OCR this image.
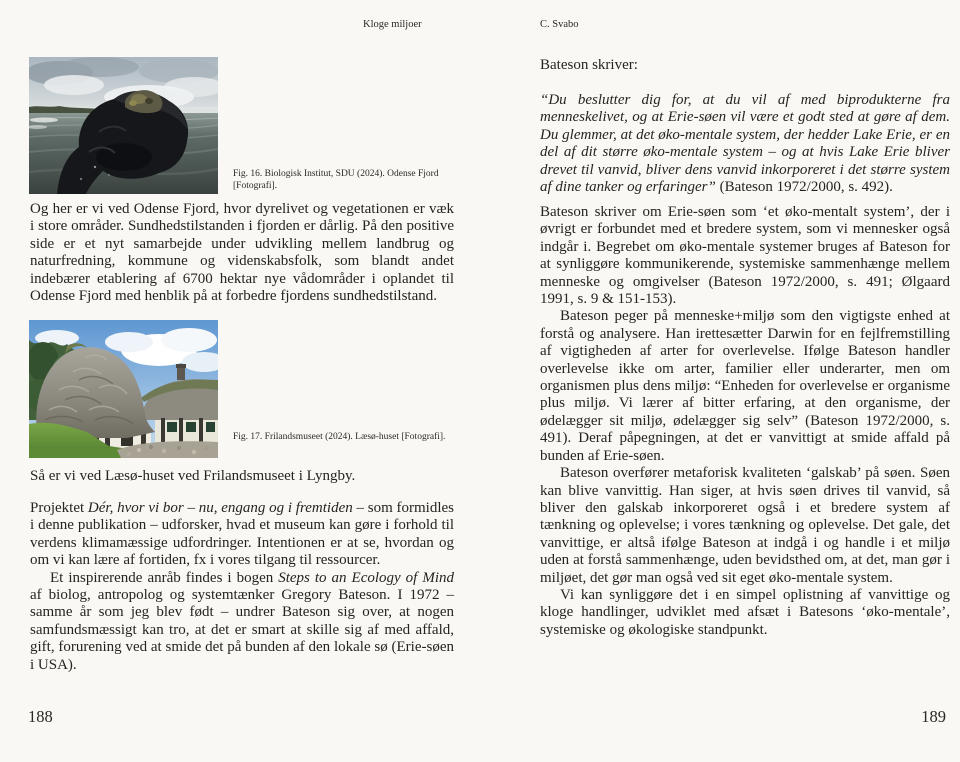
Kloge miljoer	C. Svabo
Fig. 16. Biologisk Institut, SDU (2024). Odense Fjord [Fotografi].

Og her er vi ved Odense Fjord, hvor dyrelivet og vegetationen er væk i store områder. Sundhedstilstanden i fjorden er dårlig. På den positive side er et nyt samarbejde under udvikling mellem landbrug og naturfredning, kommune og videnskabsfolk, som blandt andet indebærer etablering af 6700 hektar nye vådområder i oplandet til Odense Fjord med henblik på at forbedre fjordens sundhedstilstand.

Fig. 17. Frilandsmuseet (2024). Læsø-huset [Fotografi].

Så er vi ved Læsø-huset ved Frilandsmuseet i Lyngby.

Projektet Dér, hvor vi bor – nu, engang og i fremtiden – som formidles i denne publikation – udforsker, hvad et museum kan gøre i forhold til verdens klimamæssige udfordringer. Intentionen er at se, hvordan og om vi kan lære af fortiden, fx i vores tilgang til ressourcer.

Et inspirerende anråb findes i bogen Steps to an Ecology of Mind af biolog, antropolog og systemtænker Gregory Bateson. I 1972 – samme år som jeg blev født – undrer Bateson sig over, at nogen samfundsmæssigt kan tro, at det er smart at skille sig af med affald, gift, forurening ved at smide det på bunden af den lokale sø (Erie-søen i USA).

188

Bateson skriver:

“Du beslutter dig for, at du vil af med biprodukterne fra menneskelivet, og at Erie-søen vil være et godt sted at gøre af dem. Du glemmer, at det øko-mentale system, der hedder Lake Erie, er en del af dit større øko-mentale system – og at hvis Lake Erie bliver drevet til vanvid, bliver dens vanvid inkorporeret i det større system af dine tanker og erfaringer” (Bateson 1972/2000, s. 492).

Bateson skriver om Erie-søen som ‘et øko-mentalt system’, der i øvrigt er forbundet med et bredere system, som vi mennesker også indgår i. Begrebet om øko-mentale systemer bruges af Bateson for at synliggøre kommunikerende, systemiske sammenhænge mellem menneske og omgivelser (Bateson 1972/2000, s. 491; Ølgaard 1991, s. 9 & 151-153).

Bateson peger på menneske+miljø som den vigtigste enhed at forstå og analysere. Han irettesætter Darwin for en fejlfremstilling af vigtigheden af arter for overlevelse. Ifølge Bateson handler overlevelse ikke om arter, familier eller underarter, men om organismen plus dens miljø: “Enheden for overlevelse er organisme plus miljø. Vi lærer af bitter erfaring, at den organisme, der ødelægger sit miljø, ødelægger sig selv” (Bateson 1972/2000, s. 491). Deraf påpegningen, at det er vanvittigt at smide affald på bunden af Erie-søen.

Bateson overfører metaforisk kvaliteten ‘galskab’ på søen. Søen kan blive vanvittig. Han siger, at hvis søen drives til vanvid, så bliver den galskab inkorporeret også i et bredere system af tænkning og oplevelse; i vores tænkning og oplevelse. Det gale, det vanvittige, er altså ifølge Bateson at indgå i og handle i et miljø uden at forstå sammenhænge, uden bevidsthed om, at det, man gør i miljøet, det gør man også ved sit eget øko-mentale system.

Vi kan synliggøre det i en simpel oplistning af vanvittige og kloge handlinger, udviklet med afsæt i Batesons ‘øko-mentale’, systemiske og økologiske standpunkt.

189
